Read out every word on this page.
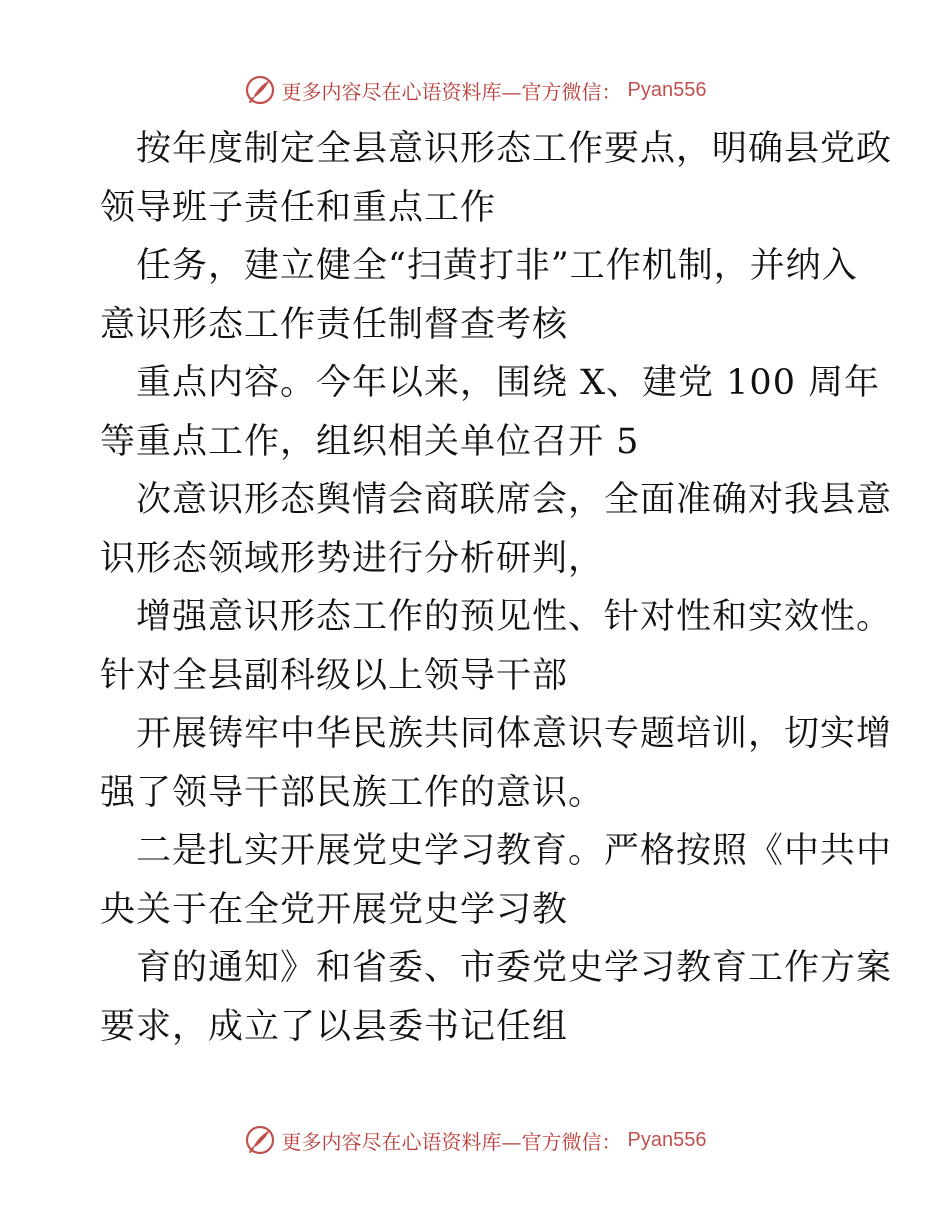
更多内容尽在心语资料库—官方微信： Pyan556

按年度制定全县意识形态工作要点，明确县党政
领导班子责任和重点工作

任务，建立健全“扫黄打非”工作机制，并纳入
意识形态工作责任制督查考核

重点内容。今年以来，围绕 X、建党 100 周年
等重点工作，组织相关单位召开 5

次意识形态舆情会商联席会，全面准确对我县意
识形态领域形势进行分析研判，

增强意识形态工作的预见性、针对性和实效性。
针对全县副科级以上领导干部

开展铸牢中华民族共同体意识专题培训，切实增
强了领导干部民族工作的意识。

二是扎实开展党史学习教育。严格按照《中共中
央关于在全党开展党史学习教

育的通知》和省委、市委党史学习教育工作方案
要求，成立了以县委书记任组

更多内容尽在心语资料库—官方微信： Pyan556
